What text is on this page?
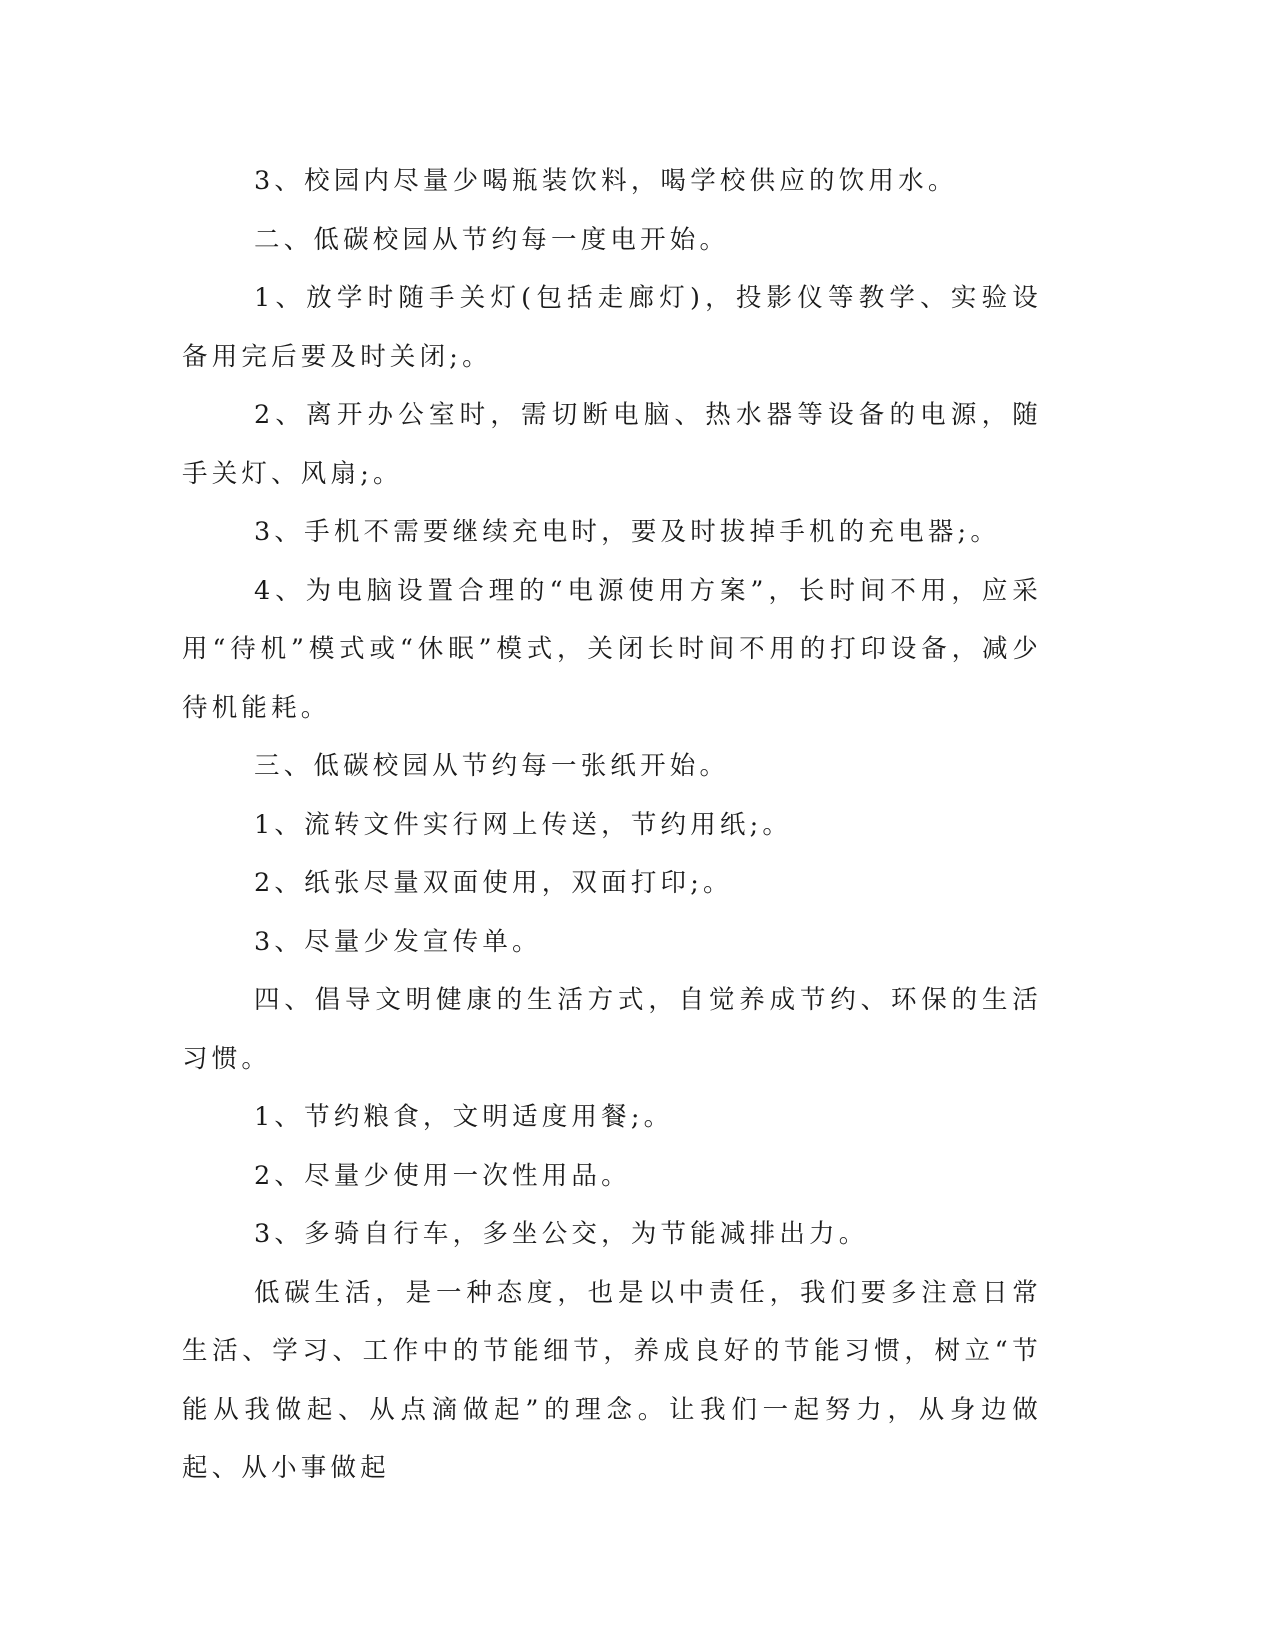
3、校园内尽量少喝瓶装饮料，喝学校供应的饮用水。

二、低碳校园从节约每一度电开始。

1、放学时随手关灯(包括走廊灯)，投影仪等教学、实验设备用完后要及时关闭;。

2、离开办公室时，需切断电脑、热水器等设备的电源，随手关灯、风扇;。

3、手机不需要继续充电时，要及时拔掉手机的充电器;。

4、为电脑设置合理的“电源使用方案”，长时间不用，应采用“待机”模式或“休眠”模式，关闭长时间不用的打印设备，减少待机能耗。

三、低碳校园从节约每一张纸开始。

1、流转文件实行网上传送，节约用纸;。

2、纸张尽量双面使用，双面打印;。

3、尽量少发宣传单。

四、倡导文明健康的生活方式，自觉养成节约、环保的生活习惯。

1、节约粮食，文明适度用餐;。

2、尽量少使用一次性用品。

3、多骑自行车，多坐公交，为节能减排出力。

低碳生活，是一种态度，也是以中责任，我们要多注意日常生活、学习、工作中的节能细节，养成良好的节能习惯，树立“节能从我做起、从点滴做起”的理念。让我们一起努力，从身边做起、从小事做起
